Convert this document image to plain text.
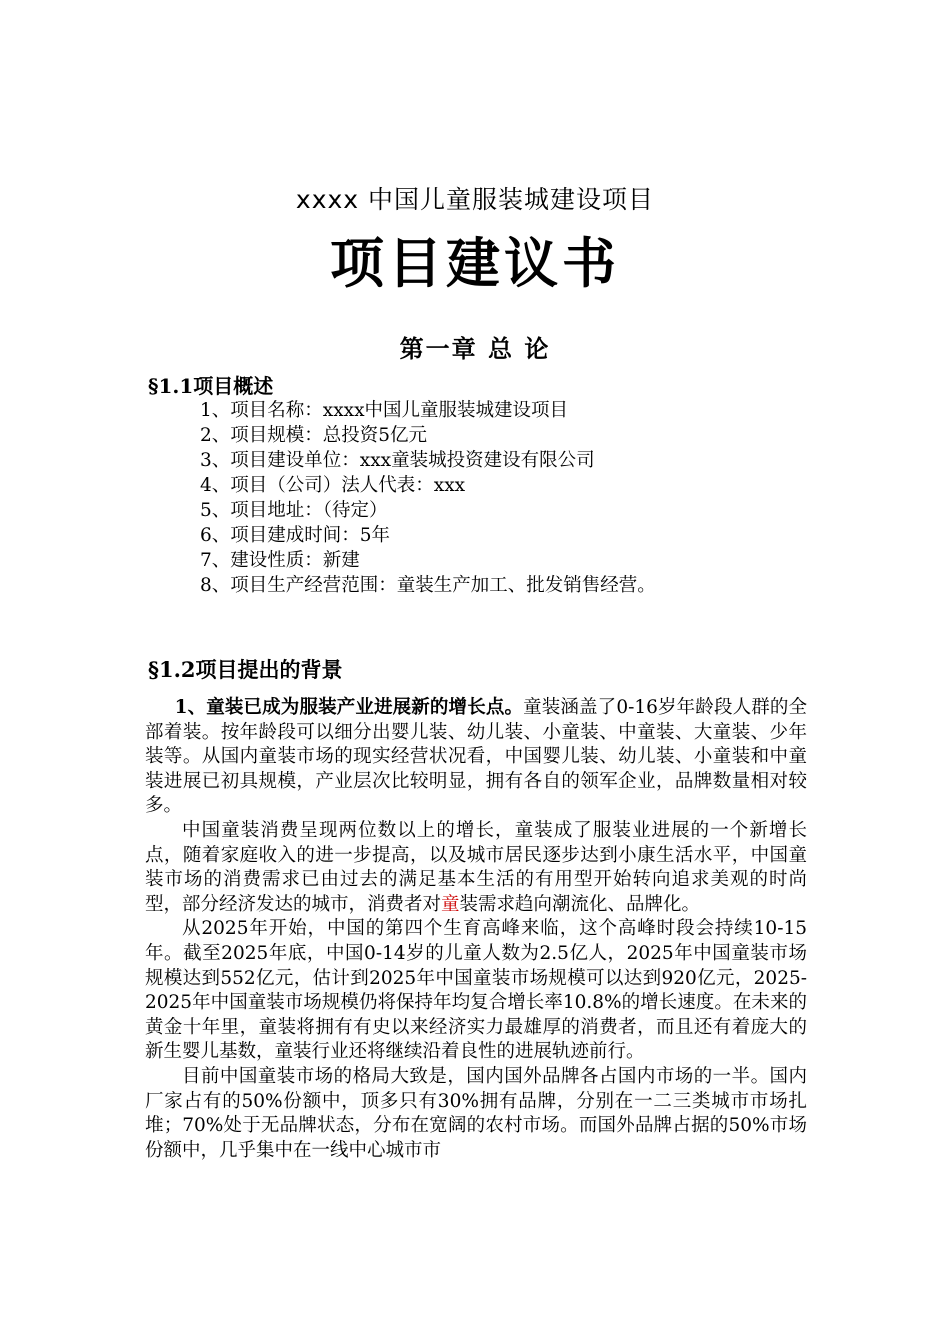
xxxx 中国儿童服装城建设项目
项目建议书
第一章 总 论
§1.1项目概述
1、项目名称：xxxx中国儿童服装城建设项目
2、项目规模：总投资5亿元
3、项目建设单位：xxx童装城投资建设有限公司
4、项目（公司）法人代表：xxx
5、项目地址：（待定）
6、项目建成时间：5年
7、建设性质：新建
8、项目生产经营范围：童装生产加工、批发销售经营。
§1.2项目提出的背景

1、童装已成为服装产业进展新的增长点。童装涵盖了0-16岁年龄段人群的全部着装。按年龄段可以细分出婴儿装、幼儿装、小童装、中童装、大童装、少年装等。从国内童装市场的现实经营状况看，中国婴儿装、幼儿装、小童装和中童装进展已初具规模，产业层次比较明显，拥有各自的领军企业，品牌数量相对较多。

中国童装消费呈现两位数以上的增长，童装成了服装业进展的一个新增长点，随着家庭收入的进一步提高，以及城市居民逐步达到小康生活水平，中国童装市场的消费需求已由过去的满足基本生活的有用型开始转向追求美观的时尚型，部分经济发达的城市，消费者对童装需求趋向潮流化、品牌化。

从2025年开始，中国的第四个生育高峰来临，这个高峰时段会持续10-15年。截至2025年底，中国0-14岁的儿童人数为2.5亿人，2025年中国童装市场规模达到552亿元，估计到2025年中国童装市场规模可以达到920亿元，2025-2025年中国童装市场规模仍将保持年均复合增长率10.8%的增长速度。在未来的黄金十年里，童装将拥有有史以来经济实力最雄厚的消费者，而且还有着庞大的新生婴儿基数，童装行业还将继续沿着良性的进展轨迹前行。

目前中国童装市场的格局大致是，国内国外品牌各占国内市场的一半。国内厂家占有的50%份额中，顶多只有30%拥有品牌，分别在一二三类城市市场扎堆；70%处于无品牌状态，分布在宽阔的农村市场。而国外品牌占据的50%市场份额中，几乎集中在一线中心城市市
